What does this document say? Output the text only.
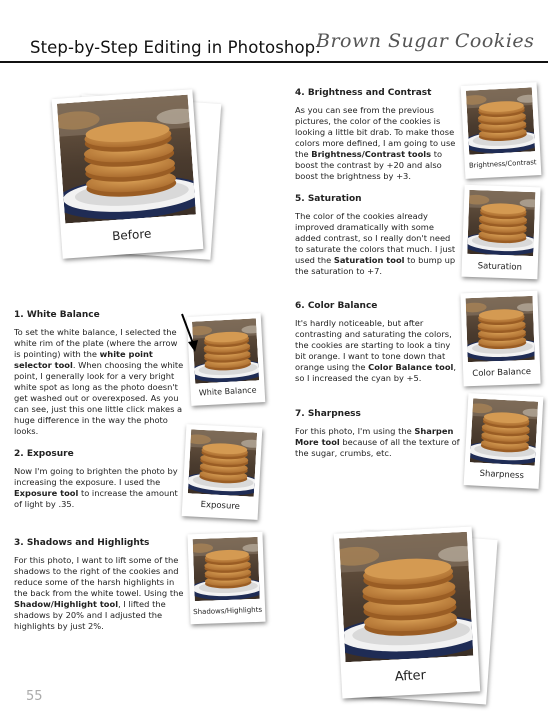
Step-by-Step Editing in Photoshop:
Brown Sugar Cookies
Before
1. White Balance

To set the white balance, I selected the white rim of the plate (where the arrow is pointing) with the white point selector tool. When choosing the white point, I generally look for a very bright white spot as long as the photo doesn't get washed out or overexposed. As you can see, just this one little click makes a huge difference in the way the photo looks.

White Balance
2. Exposure

Now I'm going to brighten the photo by increasing the exposure. I used the Exposure tool to increase the amount of light by .35.	Exposure
3. Shadows and Highlights

For this photo, I want to lift some of the shadows to the right of the cookies and reduce some of the harsh highlights in the back from the white towel. Using the Shadow/Highlight tool, I lifted the shadows by 20% and I adjusted the highlights by just 2%.

Shadows/Highlights
4. Brightness and Contrast

As you can see from the previous pictures, the color of the cookies is looking a little bit drab. To make those colors more defined, I am going to use the Brightness/Contrast tools to boost the contrast by +20 and also boost the brightness by +3.

Brightness/Contrast
5. Saturation

The color of the cookies already improved dramatically with some added contrast, so I really don't need to saturate the colors that much. I just used the Saturation tool to bump up the saturation to +7.	Saturation
6. Color Balance

It's hardly noticeable, but after contrasting and saturating the colors, the cookies are starting to look a tiny bit orange. I want to tone down that orange using the Color Balance tool, so I increased the cyan by +5.	Color Balance
7. Sharpness

For this photo, I'm using the Sharpen More tool because of all the texture of the sugar, crumbs, etc.

Sharpness
After
55
